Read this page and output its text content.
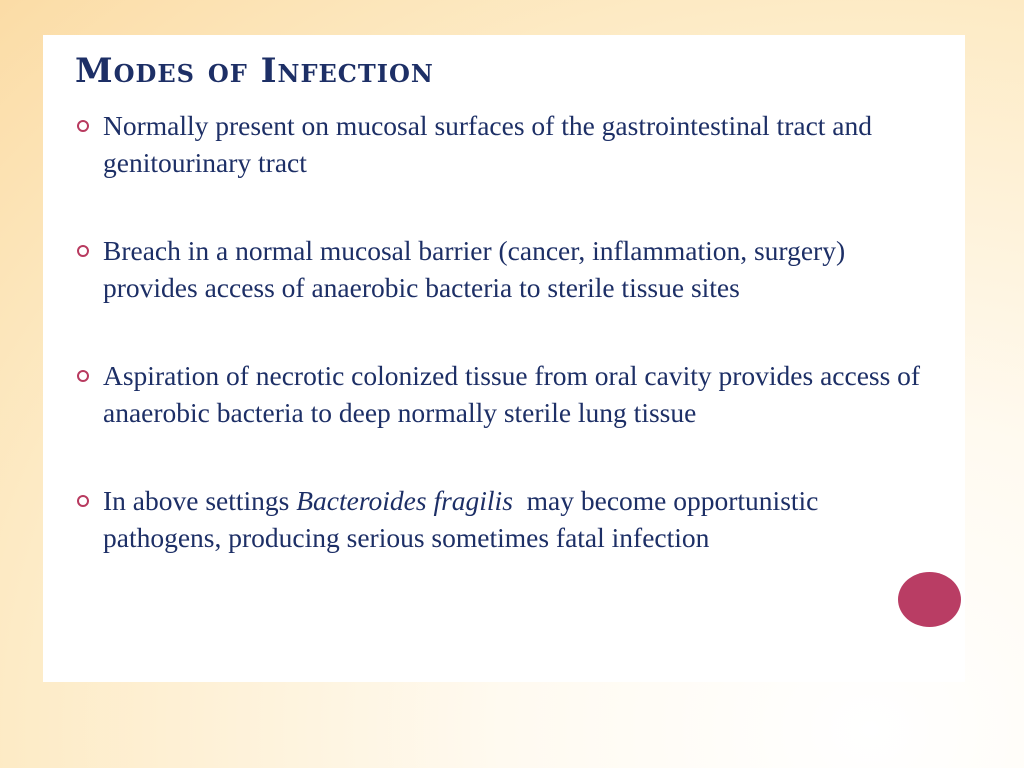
Modes of Infection
Normally present on mucosal surfaces of the gastrointestinal tract and genitourinary tract
Breach in a normal mucosal barrier (cancer, inflammation, surgery) provides access of anaerobic bacteria to sterile tissue sites
Aspiration of necrotic colonized tissue from oral cavity provides access of anaerobic bacteria to deep normally sterile lung tissue
In above settings Bacteroides fragilis  may become opportunistic pathogens, producing serious sometimes fatal infection
